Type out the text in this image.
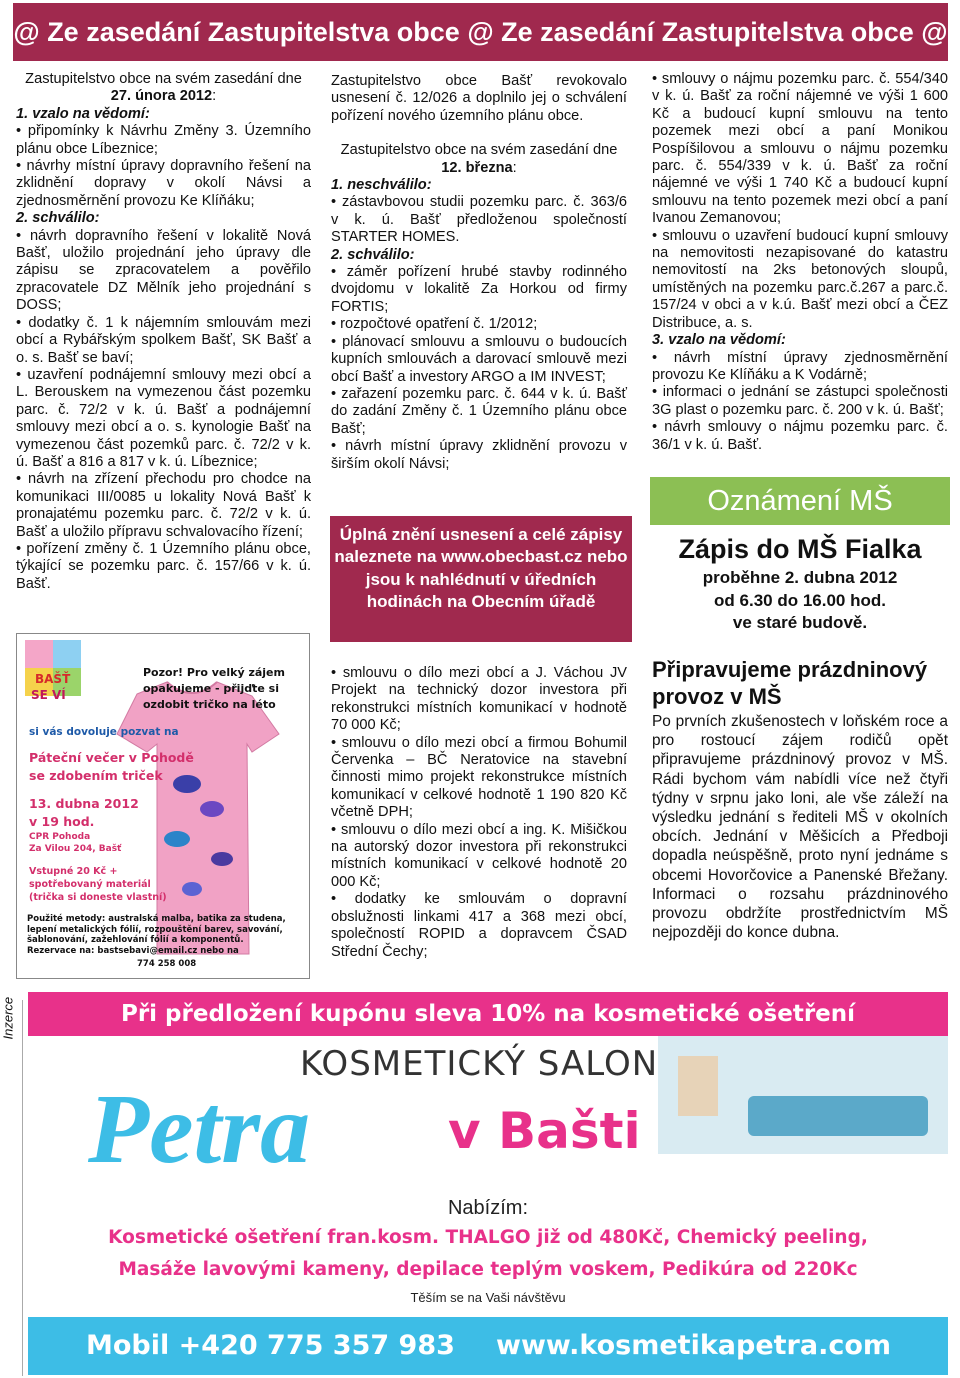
@ Ze zasedání Zastupitelstva obce @ Ze zasedání Zastupitelstva obce @

Zastupitelstvo obce na svém zasedání dne 27. února 2012:

1. vzalo na vědomí:

• připomínky k Návrhu Změny 3. Územního plánu obce Líbeznice;

• návrhy místní úpravy dopravního řešení na zklidnění dopravy v okolí Návsi a zjednosměrnění provozu Ke Klíňáku;

2. schválilo:

• návrh dopravního řešení v lokalitě Nová Bašť, uložilo projednání jeho úpravy dle zápisu se zpracovatelem a pověřilo zpracovatele DZ Mělník jeho projednání s DOSS;

• dodatky č. 1 k nájemním smlouvám mezi obcí a Rybářským spolkem Bašť, SK Bašť a o. s. Bašť se baví;

• uzavření podnájemní smlouvy mezi obcí a L. Berouskem na vymezenou část pozemku parc. č. 72/2 v k. ú. Bašť a podnájemní smlouvy mezi obcí a o. s. kynologie Bašť na vymezenou část pozemků parc. č. 72/2 v k. ú. Bašť a 816 a 817 v k. ú. Líbeznice;

• návrh na zřízení přechodu pro chodce na komunikaci III/0085 u lokality Nová Bašť k pronajatému pozemku parc. č. 72/2 v k. ú. Bašť a uložilo přípravu schvalovacího řízení;

• pořízení změny č. 1 Územního plánu obce, týkající se pozemku parc. č. 157/66 v k. ú. Bašť.

Zastupitelstvo obce Bašť revokovalo usnesení č. 12/026 a doplnilo jej o schválení pořízení nového územního plánu obce.

Zastupitelstvo obce na svém zasedání dne 12. března:

1. neschválilo:

• zástavbovou studii pozemku parc. č. 363/6 v k. ú. Bašť předloženou společností STARTER HOMES.

2. schválilo:

• záměr pořízení hrubé stavby rodinného dvojdomu v lokalitě Za Horkou od firmy FORTIS;

• rozpočtové opatření č. 1/2012;

• plánovací smlouvu a smlouvu o budoucích kupních smlouvách a darovací smlouvě mezi obcí Bašť a investory ARGO a IM INVEST;

• zařazení pozemku parc. č. 644 v k. ú. Bašť do zadání Změny č. 1 Územního plánu obce Bašť;

• návrh místní úpravy zklidnění provozu v širším okolí Návsi;

Úplná znění usnesení a celé zápisy naleznete na www.obecbast.cz nebo jsou k nahlédnutí v úředních hodinách na Obecním úřadě

• smlouvu o dílo mezi obcí a J. Váchou JV Projekt na technický dozor investora při rekonstrukci místních komunikací v hodnotě 70 000 Kč;

• smlouvu o dílo mezi obcí a firmou Bohumil Červenka – BČ Neratovice na stavební činnosti mimo projekt rekonstrukce místních komunikací v celkové hodnotě 1 190 820 Kč včetně DPH;

• smlouvu o dílo mezi obcí a ing. K. Mišičkou na autorský dozor investora při rekonstrukci místních komunikací v celkové hodnotě 20 000 Kč;

• dodatky ke smlouvám o dopravní obslužnosti linkami 417 a 368 mezi obcí, společností ROPID a dopravcem ČSAD Střední Čechy;

• smlouvy o nájmu pozemku parc. č. 554/340 v k. ú. Bašť za roční nájemné ve výši 1 600 Kč a budoucí kupní smlouvu na tento pozemek mezi obcí a paní Monikou Pospíšilovou a smlouvu o nájmu pozemku parc. č. 554/339 v k. ú. Bašť za roční nájemné ve výši 1 740 Kč a budoucí kupní smlouvu na tento pozemek mezi obcí a paní Ivanou Zemanovou;

• smlouvu o uzavření budoucí kupní smlouvy na nemovitosti nezapisované do katastru nemovitostí na 2ks betonových sloupů, umístěných na pozemku parc.č.267 a parc.č. 157/24 v obci a v k.ú. Bašť mezi obcí a ČEZ Distribuce, a. s.

3. vzalo na vědomí:

• návrh místní úpravy zjednosměrnění provozu Ke Klíňáku a K Vodárně;

• informaci o jednání se zástupci společnosti 3G plast o pozemku parc. č. 200 v k. ú. Bašť;

• návrh smlouvy o nájmu pozemku parc. č. 36/1 v k. ú. Bašť.

Oznámení MŠ
Zápis do MŠ Fialka
proběhne 2. dubna 2012
od 6.30 do 16.00 hod.
ve staré budově.
Připravujeme prázdninový provoz v MŠ

Po prvních zkušenostech v loňském roce a pro rostoucí zájem rodičů opět připravujeme prázdninový provoz v MŠ. Rádi bychom vám nabídli více než čtyři týdny v srpnu jako loni, ale vše záleží na výsledku jednání s řediteli MŠ v okolních obcích. Jednání v Měšicích a Předboji dopadla neúspěšně, proto nyní jednáme s obcemi Hovorčovice a Panenské Břežany. Informaci o rozsahu prázdninového provozu obdržíte prostřednictvím MŠ nejpozději do konce dubna.

BAŠŤ
SE VÍ
Pozor! Pro velký zájem
opakujeme - přijďte si
ozdobit tričko na léto
si vás dovoluje pozvat na
Páteční večer v Pohodě
se zdobením triček
13. dubna 2012
v 19 hod.
CPR Pohoda
Za Vilou 204, Bašť
Vstupné 20 Kč +
spotřebovaný materiál
(trička si doneste vlastní)
Použité metody: australská malba, batika za studena, lepení metalických fólií, rozpouštění barev, savování, šablonování, zažehlování fólií a komponentů.
Rezervace na: bastsebavi@email.cz nebo na
774 258 008
Inzerce	Při předložení kupónu sleva 10% na kosmetické ošetření
KOSMETICKÝ SALON
Petra	v Bašti
Nabízím:
Kosmetické ošetření fran.kosm. THALGO již od 480Kč, Chemický peeling,
Masáže lavovými kameny, depilace teplým voskem, Pedikúra od 220Kc
Těším se na Vaši návštěvu
Mobil +420 775 357 983 www.kosmetikapetra.com
